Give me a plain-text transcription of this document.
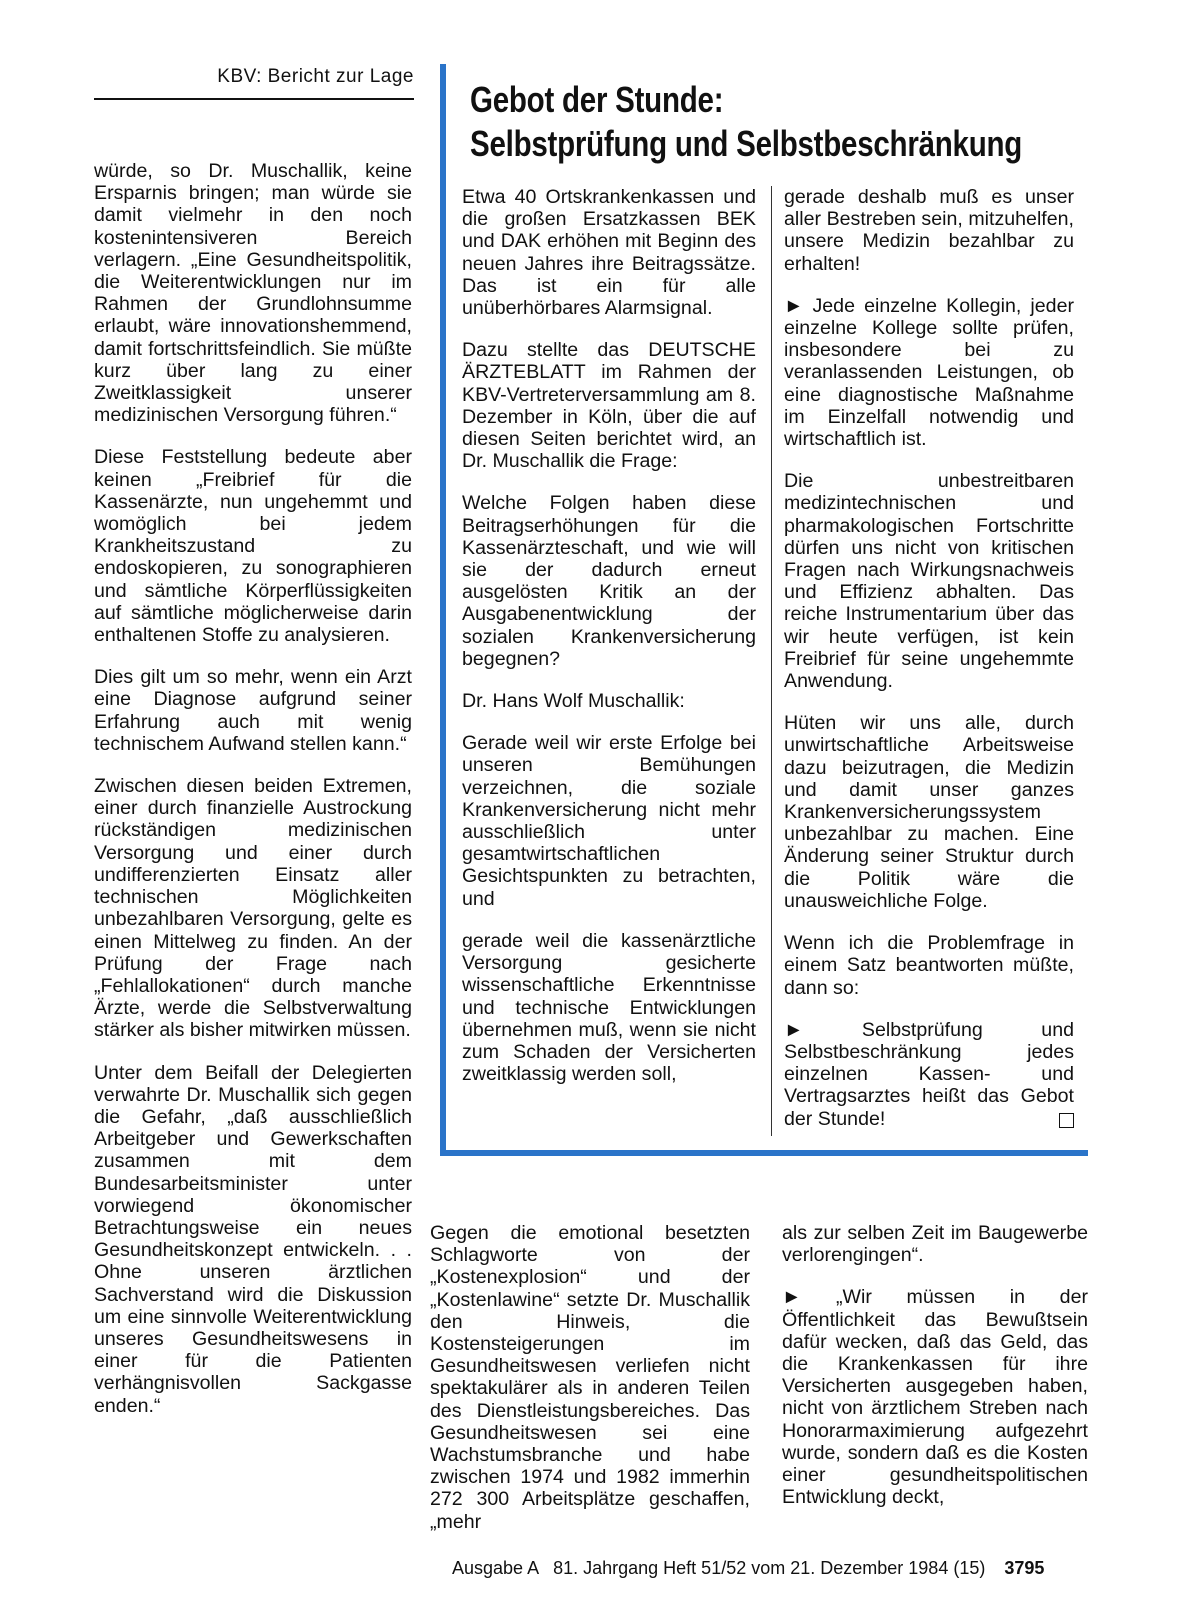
KBV: Bericht zur Lage

würde, so Dr. Muschallik, keine Ersparnis bringen; man würde sie damit vielmehr in den noch kostenintensiveren Bereich verlagern. „Eine Gesundheitspolitik, die Weiterentwicklungen nur im Rahmen der Grundlohnsumme erlaubt, wäre innovationshemmend, damit fortschrittsfeindlich. Sie müßte kurz über lang zu einer Zweitklassigkeit unserer medizinischen Versorgung führen.“

Diese Feststellung bedeute aber keinen „Freibrief für die Kassenärzte, nun ungehemmt und womöglich bei jedem Krankheitszustand zu endoskopieren, zu sonographieren und sämtliche Körperflüssigkeiten auf sämtliche möglicherweise darin enthaltenen Stoffe zu analysieren.

Dies gilt um so mehr, wenn ein Arzt eine Diagnose aufgrund seiner Erfahrung auch mit wenig technischem Aufwand stellen kann.“

Zwischen diesen beiden Extremen, einer durch finanzielle Austrockung rückständigen medizinischen Versorgung und einer durch undifferenzierten Einsatz aller technischen Möglichkeiten unbezahlbaren Versorgung, gelte es einen Mittelweg zu finden. An der Prüfung der Frage nach „Fehlallokationen“ durch manche Ärzte, werde die Selbstverwaltung stärker als bisher mitwirken müssen.

Unter dem Beifall der Delegierten verwahrte Dr. Muschallik sich gegen die Gefahr, „daß ausschließlich Arbeitgeber und Gewerkschaften zusammen mit dem Bundesarbeitsminister unter vorwiegend ökonomischer Betrachtungsweise ein neues Gesundheitskonzept entwickeln. . . Ohne unseren ärztlichen Sachverstand wird die Diskussion um eine sinnvolle Weiterentwicklung unseres Gesundheitswesens in einer für die Patienten verhängnisvollen Sackgasse enden.“

Gebot der Stunde:
Selbstprüfung und Selbstbeschränkung

Etwa 40 Ortskrankenkassen und die großen Ersatzkassen BEK und DAK erhöhen mit Beginn des neuen Jahres ihre Beitragssätze. Das ist ein für alle unüberhörbares Alarmsignal.

Dazu stellte das DEUTSCHE ÄRZTEBLATT im Rahmen der KBV-Vertreterversammlung am 8. Dezember in Köln, über die auf diesen Seiten berichtet wird, an Dr. Muschallik die Frage:

Welche Folgen haben diese Beitragserhöhungen für die Kassenärzteschaft, und wie will sie der dadurch erneut ausgelösten Kritik an der Ausgabenentwicklung der sozialen Krankenversicherung begegnen?

Dr. Hans Wolf Muschallik:

Gerade weil wir erste Erfolge bei unseren Bemühungen verzeichnen, die soziale Krankenversicherung nicht mehr ausschließlich unter gesamtwirtschaftlichen Gesichtspunkten zu betrachten, und

gerade weil die kassenärztliche Versorgung gesicherte wissenschaftliche Erkenntnisse und technische Entwicklungen übernehmen muß, wenn sie nicht zum Schaden der Versicherten zweitklassig werden soll,

gerade deshalb muß es unser aller Bestreben sein, mitzuhelfen, unsere Medizin bezahlbar zu erhalten!

► Jede einzelne Kollegin, jeder einzelne Kollege sollte prüfen, insbesondere bei zu veranlassenden Leistungen, ob eine diagnostische Maßnahme im Einzelfall notwendig und wirtschaftlich ist.

Die unbestreitbaren medizintechnischen und pharmakologischen Fortschritte dürfen uns nicht von kritischen Fragen nach Wirkungsnachweis und Effizienz abhalten. Das reiche Instrumentarium über das wir heute verfügen, ist kein Freibrief für seine ungehemmte Anwendung.

Hüten wir uns alle, durch unwirtschaftliche Arbeitsweise dazu beizutragen, die Medizin und damit unser ganzes Krankenversicherungssystem unbezahlbar zu machen. Eine Änderung seiner Struktur durch die Politik wäre die unausweichliche Folge.

Wenn ich die Problemfrage in einem Satz beantworten müßte, dann so:

► Selbstprüfung und Selbstbeschränkung jedes einzelnen Kassen- und Vertragsarztes heißt das Gebot der Stunde!

Gegen die emotional besetzten Schlagworte von der „Kostenexplosion“ und der „Kostenlawine“ setzte Dr. Muschallik den Hinweis, die Kostensteigerungen im Gesundheitswesen verliefen nicht spektakulärer als in anderen Teilen des Dienstleistungsbereiches. Das Gesundheitswesen sei eine Wachstumsbranche und habe zwischen 1974 und 1982 immerhin 272 300 Arbeitsplätze geschaffen, „mehr

als zur selben Zeit im Baugewerbe verlorengingen“.

► „Wir müssen in der Öffentlichkeit das Bewußtsein dafür wecken, daß das Geld, das die Krankenkassen für ihre Versicherten ausgegeben haben, nicht von ärztlichem Streben nach Honorarmaximierung aufgezehrt wurde, sondern daß es die Kosten einer gesundheitspolitischen Entwicklung deckt,

Ausgabe A   81. Jahrgang Heft 51/52 vom 21. Dezember 1984 (15) 3795
